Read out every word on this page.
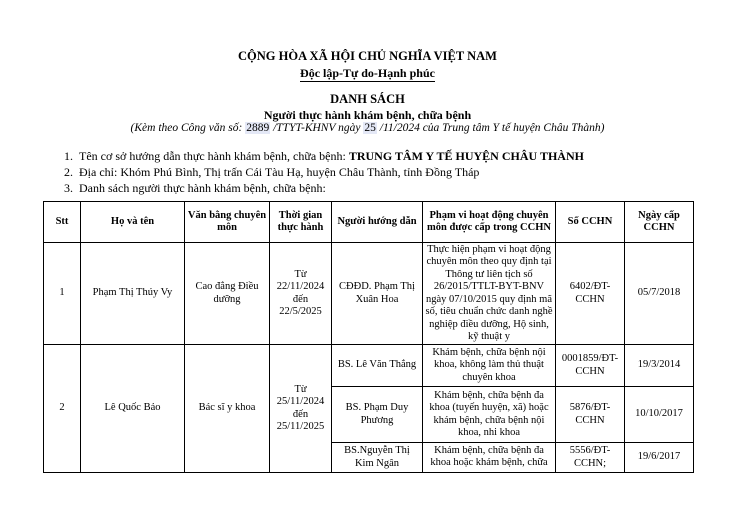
CỘNG HÒA XÃ HỘI CHỦ NGHĨA VIỆT NAM
Độc lập-Tự do-Hạnh phúc
DANH SÁCH
Người thực hành khám bệnh, chữa bệnh
(Kèm theo Công văn số: 2889 /TTYT-KHNV ngày 25 /11/2024 của Trung tâm Y tế huyện Châu Thành)
1.  Tên cơ sở hướng dẫn thực hành khám bệnh, chữa bệnh: TRUNG TÂM Y TẾ HUYỆN CHÂU THÀNH
2.  Địa chỉ: Khóm Phú Bình, Thị trấn Cái Tàu Hạ, huyện Châu Thành, tỉnh Đồng Tháp
3.  Danh sách người thực hành khám bệnh, chữa bệnh:
Stt	Họ và tên	Văn bằng chuyên môn	Thời gian thực hành	Người hướng dẫn	Phạm vi hoạt động chuyên môn được cấp trong CCHN	Số CCHN	Ngày cấp CCHN
1	Phạm Thị Thúy Vy	Cao đẳng Điều dưỡng	Từ 22/11/2024 đến 22/5/2025	CĐĐD. Phạm Thị Xuân Hoa	Thực hiện phạm vi hoạt động chuyên môn theo quy định tại Thông tư liên tịch số 26/2015/TTLT-BYT-BNV ngày 07/10/2015 quy định mã số, tiêu chuẩn chức danh nghề nghiệp điều dưỡng, Hộ sinh, kỹ thuật y	6402/ĐT-CCHN	05/7/2018
2	Lê Quốc Bảo	Bác sĩ y khoa	Từ 25/11/2024 đến 25/11/2025	BS. Lê Văn Thắng	Khám bệnh, chữa bệnh nội khoa, không làm thủ thuật chuyên khoa	0001859/ĐT-CCHN	19/3/2014
				BS. Phạm Duy Phương	Khám bệnh, chữa bệnh đa khoa (tuyến huyện, xã) hoặc khám bệnh, chữa bệnh nội khoa, nhi khoa	5876/ĐT-CCHN	10/10/2017
				BS.Nguyễn Thị Kim Ngân	Khám bệnh, chữa bệnh đa khoa hoặc khám bệnh, chữa	5556/ĐT-CCHN;	19/6/2017
